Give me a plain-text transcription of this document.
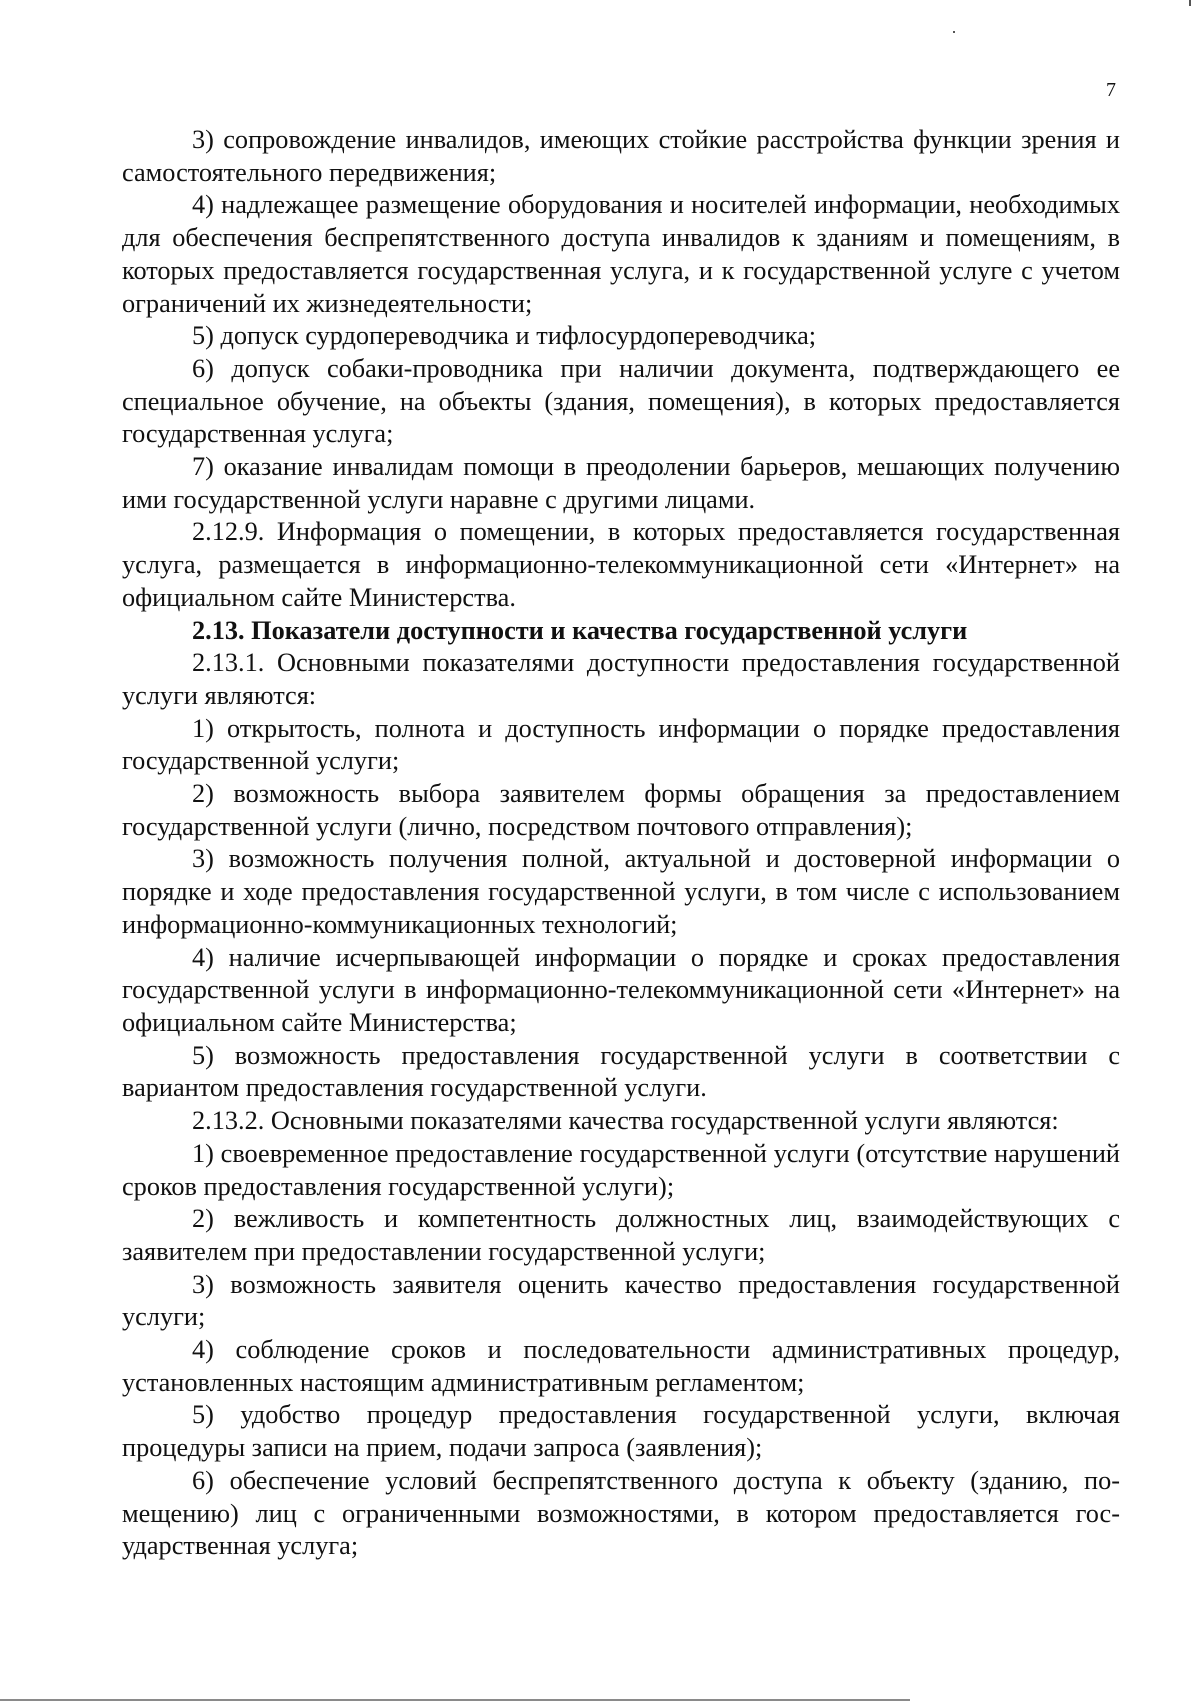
7

3) сопровождение инвалидов, имеющих стойкие расстройства функции зрения и самостоятельного передвижения;

4) надлежащее размещение оборудования и носителей информации, необходимых для обеспечения беспрепятственного доступа инвалидов к зданиям и помещениям, в которых предоставляется государственная услуга, и к государственной услуге с учетом ограничений их жизнедеятельности;

5) допуск сурдопереводчика и тифлосурдопереводчика;

6) допуск собаки-проводника при наличии документа, подтверждающего ее специальное обучение, на объекты (здания, помещения), в которых предоставляется государственная услуга;

7) оказание инвалидам помощи в преодолении барьеров, мешающих получению ими государственной услуги наравне с другими лицами.

2.12.9. Информация о помещении, в которых предоставляется государственная услуга, размещается в информационно-телекоммуникационной сети «Интернет» на официальном сайте Министерства.

2.13. Показатели доступности и качества государственной услуги

2.13.1. Основными показателями доступности предоставления государственной услуги являются:

1) открытость, полнота и доступность информации о порядке предоставления государственной услуги;

2) возможность выбора заявителем формы обращения за предоставлением государственной услуги (лично, посредством почтового отправления);

3) возможность получения полной, актуальной и достоверной информации о порядке и ходе предоставления государственной услуги, в том числе с использованием информационно-коммуникационных технологий;

4) наличие исчерпывающей информации о порядке и сроках предоставления государственной услуги в информационно-телекоммуникационной сети «Интернет» на официальном сайте Министерства;

5) возможность предоставления государственной услуги в соответствии с вариантом предоставления государственной услуги.

2.13.2. Основными показателями качества государственной услуги являются:

1) своевременное предоставление государственной услуги (отсутствие нарушений сроков предоставления государственной услуги);

2) вежливость и компетентность должностных лиц, взаимодействующих с заявителем при предоставлении государственной услуги;

3) возможность заявителя оценить качество предоставления государственной услуги;

4) соблюдение сроков и последовательности административных процедур, установленных настоящим административным регламентом;

5) удобство процедур предоставления государственной услуги, включая процедуры записи на прием, подачи запроса (заявления);

6) обеспечение условий беспрепятственного доступа к объекту (зданию, помещению) лиц с ограниченными возможностями, в котором предоставляется государственная услуга;
